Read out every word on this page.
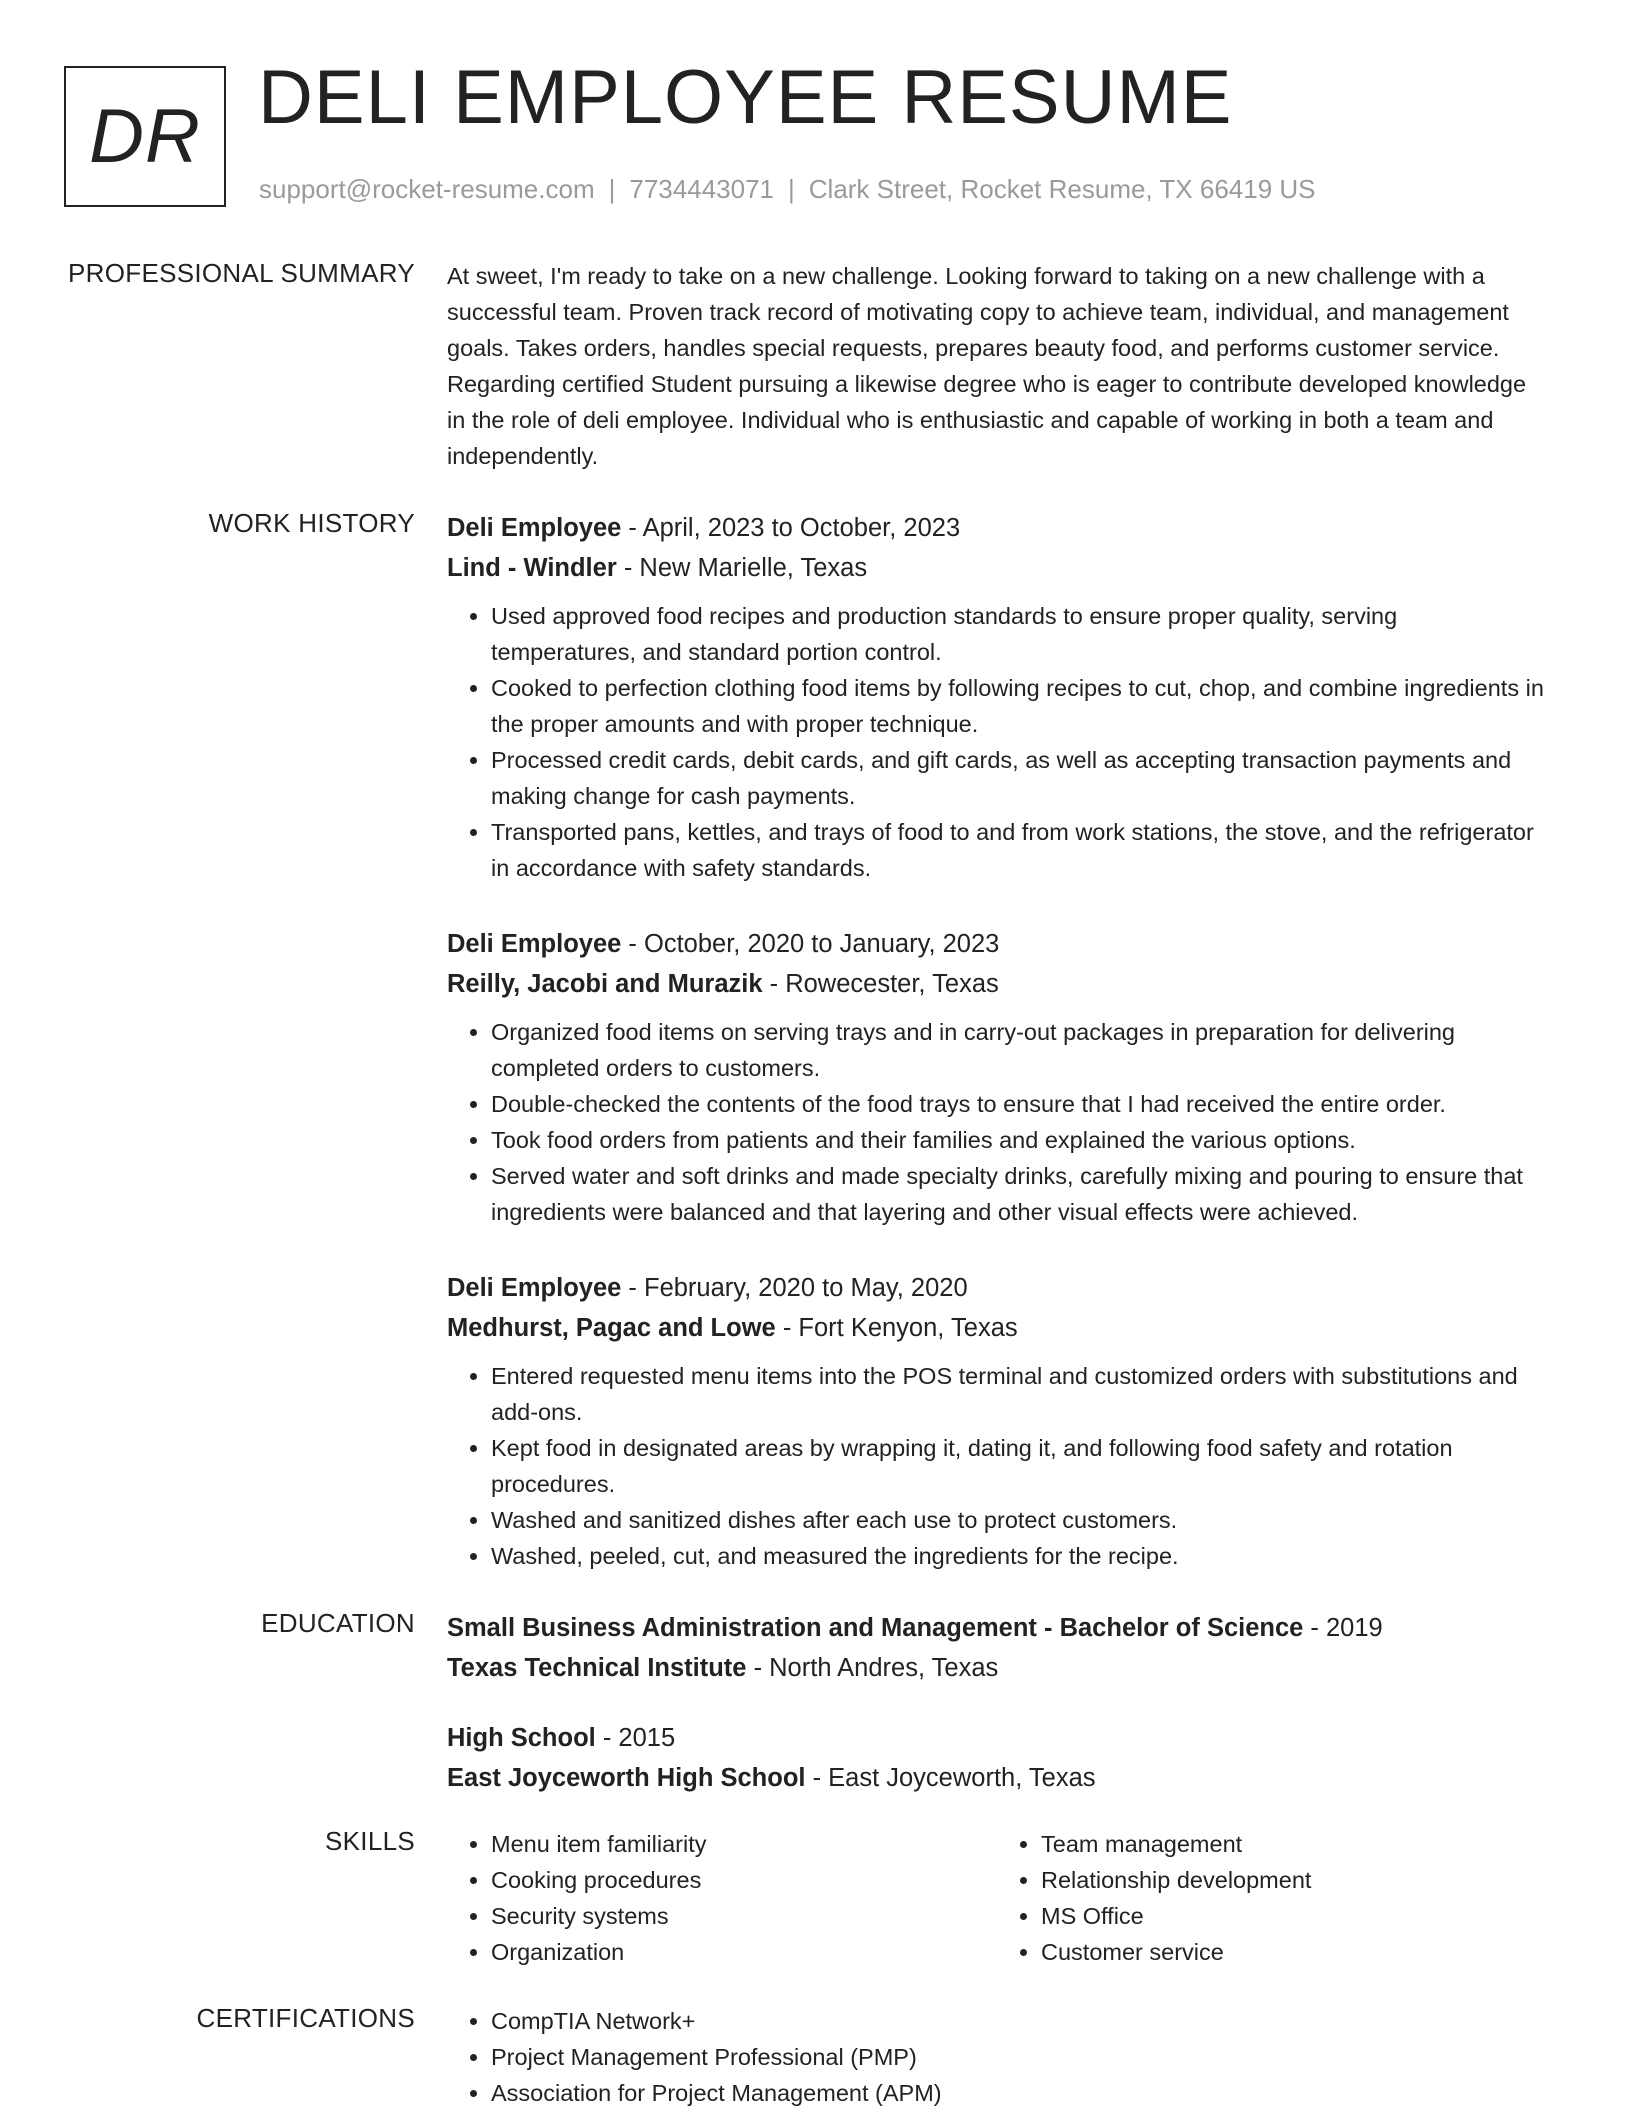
DR DELI EMPLOYEE RESUME
support@rocket-resume.com | 7734443071 | Clark Street, Rocket Resume, TX 66419 US
PROFESSIONAL SUMMARY At sweet, I'm ready to take on a new challenge. Looking forward to taking on a new challenge with a successful team. Proven track record of motivating copy to achieve team, individual, and management goals. Takes orders, handles special requests, prepares beauty food, and performs customer service. Regarding certified Student pursuing a likewise degree who is eager to contribute developed knowledge in the role of deli employee. Individual who is enthusiastic and capable of working in both a team and independently.

WORK HISTORY Deli Employee - April, 2023 to October, 2023
Lind - Windler - New Marielle, Texas
• Used approved food recipes and production standards to ensure proper quality, serving temperatures, and standard portion control.
• Cooked to perfection clothing food items by following recipes to cut, chop, and combine ingredients in the proper amounts and with proper technique.
• Processed credit cards, debit cards, and gift cards, as well as accepting transaction payments and making change for cash payments.
• Transported pans, kettles, and trays of food to and from work stations, the stove, and the refrigerator in accordance with safety standards.
Deli Employee - October, 2020 to January, 2023
Reilly, Jacobi and Murazik - Rowecester, Texas
• Organized food items on serving trays and in carry-out packages in preparation for delivering completed orders to customers.
• Double-checked the contents of the food trays to ensure that I had received the entire order.
• Took food orders from patients and their families and explained the various options.
• Served water and soft drinks and made specialty drinks, carefully mixing and pouring to ensure that ingredients were balanced and that layering and other visual effects were achieved.
Deli Employee - February, 2020 to May, 2020
Medhurst, Pagac and Lowe - Fort Kenyon, Texas
• Entered requested menu items into the POS terminal and customized orders with substitutions and add-ons.
• Kept food in designated areas by wrapping it, dating it, and following food safety and rotation procedures.
• Washed and sanitized dishes after each use to protect customers.
• Washed, peeled, cut, and measured the ingredients for the recipe.
EDUCATION Small Business Administration and Management - Bachelor of Science - 2019
Texas Technical Institute - North Andres, Texas
High School - 2015
East Joyceworth High School - East Joyceworth, Texas
SKILLS	• Menu item familiarity
• Cooking procedures
• Security systems
• Organization
• Team management
• Relationship development
• MS Office
• Customer service
CERTIFICATIONS	• CompTIA Network+
• Project Management Professional (PMP)
• Association for Project Management (APM)
